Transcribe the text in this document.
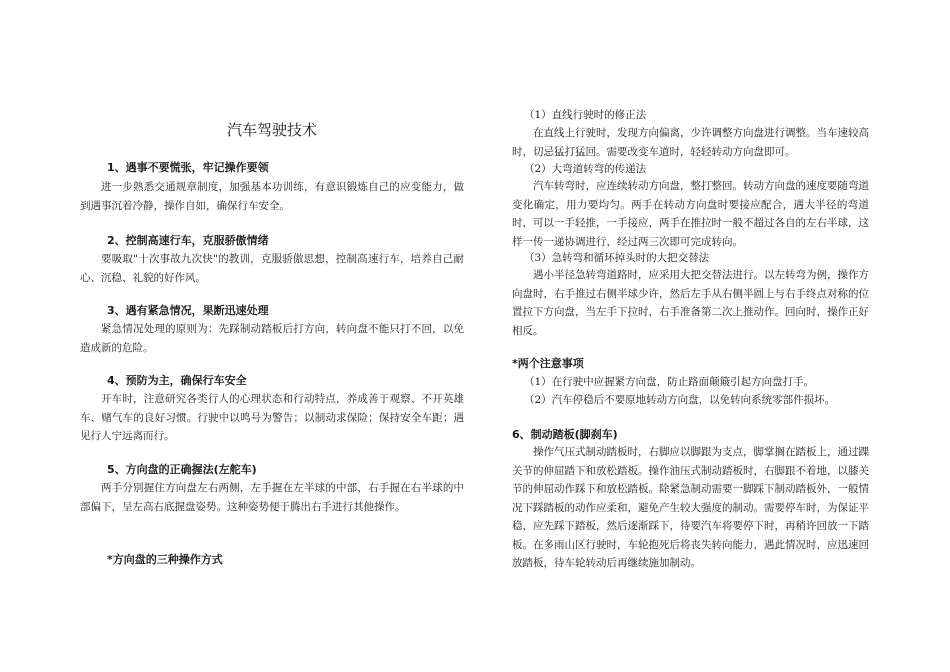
汽车驾驶技术
1、遇事不要慌张，牢记操作要领

进一步熟悉交通规章制度，加强基本功训练，有意识锻炼自己的应变能力，做到遇事沉着冷静，操作自如，确保行车安全。

2、控制高速行车，克服骄傲情绪

要吸取"十次事故九次快"的教训，克服骄傲思想，控制高速行车，培养自己耐心、沉稳、礼貌的好作风。

3、遇有紧急情况，果断迅速处理

紧急情况处理的原则为：先踩制动踏板后打方向，转向盘不能只打不回，以免造成新的危险。

4、预防为主，确保行车安全

开车时，注意研究各类行人的心理状态和行动特点，养成善于观察、不开英雄车、赌气车的良好习惯。行驶中以鸣号为警告；以制动求保险；保持安全车距；遇见行人宁远离而行。

5、方向盘的正确握法(左舵车)

两手分别握住方向盘左右两侧，左手握在左半球的中部，右手握在右半球的中部偏下，呈左高右底握盘姿势。这种姿势便于腾出右手进行其他操作。

*方向盘的三种操作方式
（1）直线行驶时的修正法

在直线上行驶时，发现方向偏离，少许调整方向盘进行调整。当车速较高时，切忌猛打猛回。需要改变车道时，轻轻转动方向盘即可。

（2）大弯道转弯的传递法

汽车转弯时，应连续转动方向盘，整打整回。转动方向盘的速度要随弯道变化确定，用力要均匀。两手在转动方向盘时要接应配合，遇大半径的弯道时，可以一手轻推，一手接应，两手在推拉时一般不超过各自的左右半球，这样一传一递协调进行，经过两三次即可完成转向。

（3）急转弯和循环掉头时的大把交替法

遇小半径急转弯道路时，应采用大把交替法进行。以左转弯为例，操作方向盘时，右手推过右侧半球少许，然后左手从右侧半圆上与右手终点对称的位置拉下方向盘，当左手下拉时，右手准备第二次上推动作。回向时，操作正好相反。

*两个注意事项
（1）在行驶中应握紧方向盘，防止路面颠簸引起方向盘打手。
（2）汽车停稳后不要原地转动方向盘，以免转向系统零部件损坏。
6、制动踏板(脚刹车)

操作气压式制动踏板时，右脚应以脚跟为支点，脚掌搁在踏板上，通过踝关节的伸屈踏下和放松踏板。操作油压式制动踏板时，右脚跟不着地，以膝关节的伸屈动作踩下和放松踏板。除紧急制动需要一脚踩下制动踏板外，一般情况下踩踏板的动作应柔和，避免产生较大强度的制动。需要停车时，为保证平稳，应先踩下踏板，然后逐渐踩下，待要汽车将要停下时，再稍许回放一下踏板。在多雨山区行驶时，车轮抱死后将丧失转向能力，遇此情况时，应迅速回放踏板，待车轮转动后再继续施加制动。
